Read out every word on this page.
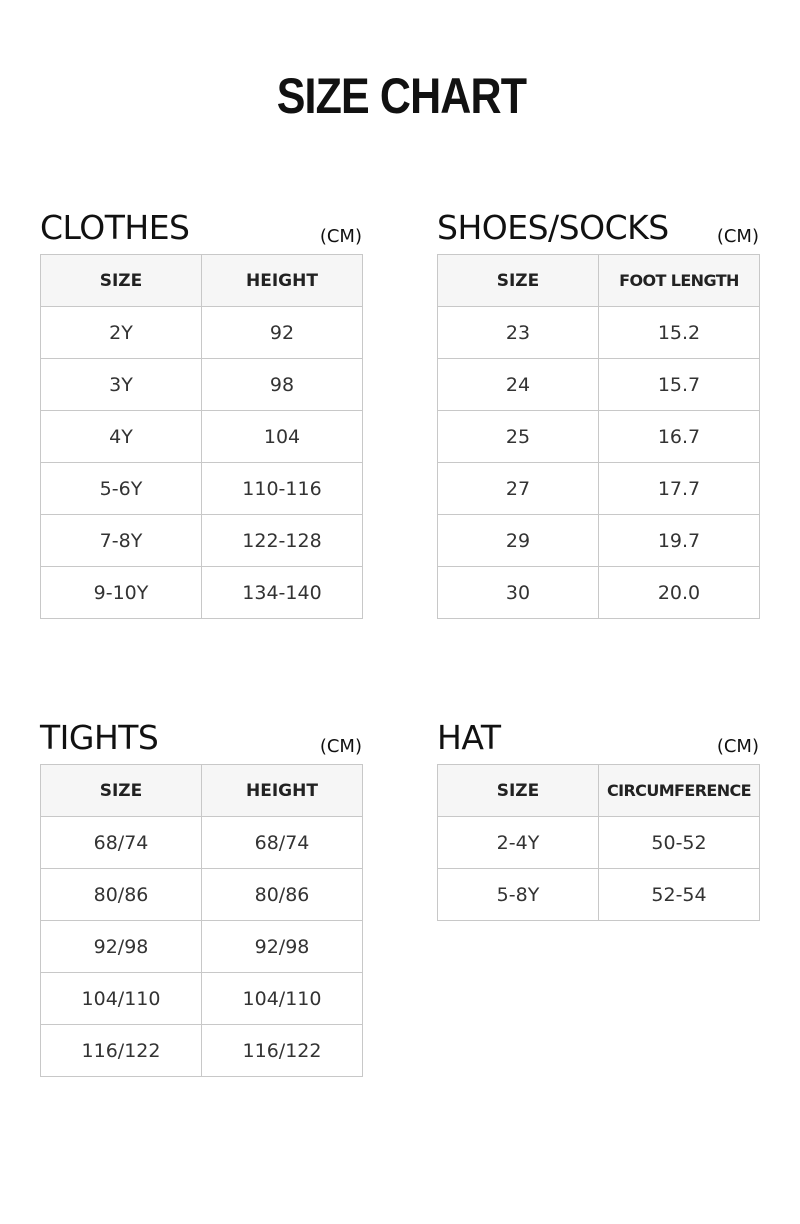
SIZE CHART
CLOTHES	(CM)
SIZE	HEIGHT
2Y	92
3Y	98
4Y	104
5-6Y	110-116
7-8Y	122-128
9-10Y	134-140
SHOES/SOCKS	(CM)
SIZE	FOOT LENGTH
23	15.2
24	15.7
25	16.7
27	17.7
29	19.7
30	20.0
TIGHTS	(CM)
SIZE	HEIGHT
68/74	68/74
80/86	80/86
92/98	92/98
104/110	104/110
116/122	116/122
HAT	(CM)
SIZE	CIRCUMFERENCE
2-4Y	50-52
5-8Y	52-54
